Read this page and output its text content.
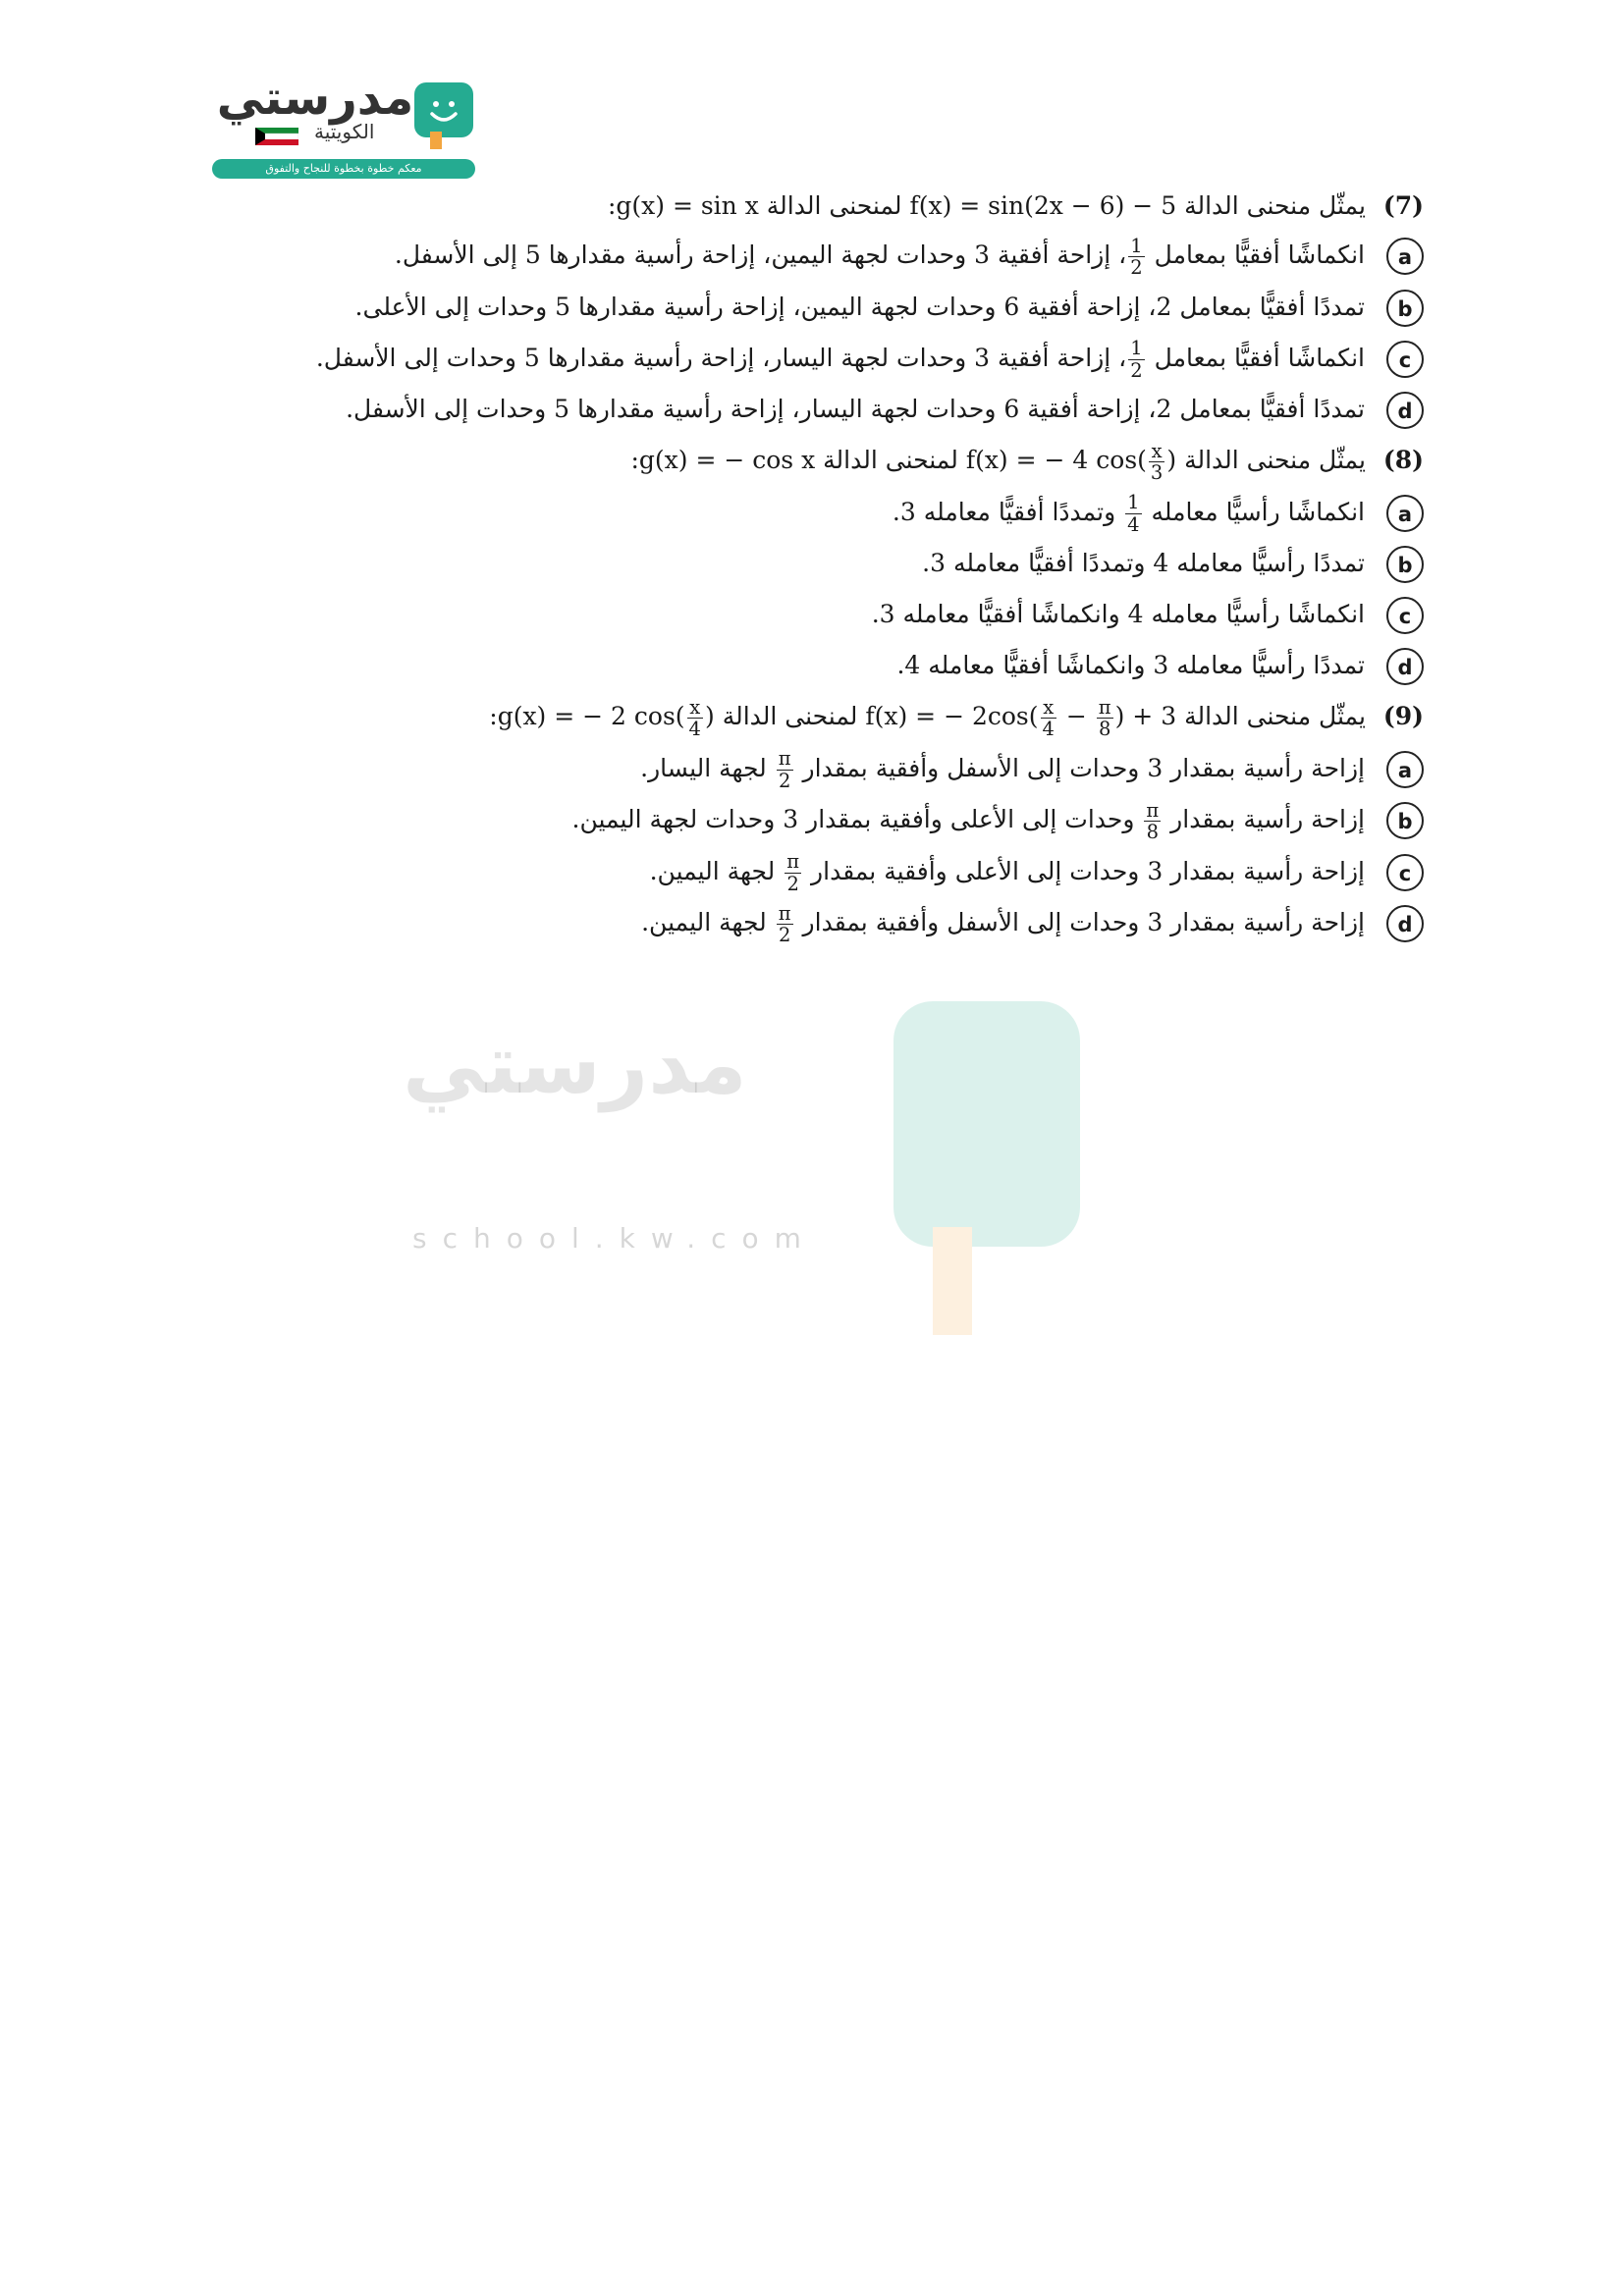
مدرستي
الكويتية
معكم خطوة بخطوة للنجاح والتفوق
مدرستي
school.kw.com

(7) يمثّل منحنى الدالة f(x) = sin(2x − 6) − 5 لمنحنى الدالة g(x) = sin x:

a
انكماشًا أفقيًّا بمعامل
$\frac{1}{2}$
، إزاحة أفقية 3 وحدات لجهة اليمين، إزاحة رأسية مقدارها 5 إلى الأسفل.
b
تمددًا أفقيًّا بمعامل 2، إزاحة أفقية 6 وحدات لجهة اليمين، إزاحة رأسية مقدارها 5 وحدات إلى الأعلى.
c
انكماشًا أفقيًّا بمعامل
$\frac{1}{2}$
، إزاحة أفقية 3 وحدات لجهة اليسار، إزاحة رأسية مقدارها 5 وحدات إلى الأسفل.
d
تمددًا أفقيًّا بمعامل 2، إزاحة أفقية 6 وحدات لجهة اليسار، إزاحة رأسية مقدارها 5 وحدات إلى الأسفل.

(8) يمثّل منحنى الدالة f(x) = − 4 $\cos( \frac{x}{3}$ ) لمنحنى الدالة g(x) = − cos x:

a
انكماشًا رأسيًّا معامله
$\frac{1}{4}$
وتمددًا أفقيًّا معامله 3.
b
تمددًا رأسيًّا معامله 4 وتمددًا أفقيًّا معامله 3.
c
انكماشًا رأسيًّا معامله 4 وانكماشًا أفقيًّا معامله 3.
d
تمددًا رأسيًّا معامله 3 وانكماشًا أفقيًّا معامله 4.

(9) يمثّل منحنى الدالة f(x) = − $2\cos( \frac{x}{4} - \frac{\pi}{8}$ ) + 3 لمنحنى الدالة g(x) = − 2 $\cos( \frac{x}{4}$ ):

a
إزاحة رأسية بمقدار 3 وحدات إلى الأسفل وأفقية بمقدار
$\frac{\pi}{2}$
لجهة اليسار.
b
إزاحة رأسية بمقدار
$\frac{\pi}{8}$
وحدات إلى الأعلى وأفقية بمقدار 3 وحدات لجهة اليمين.
c
إزاحة رأسية بمقدار 3 وحدات إلى الأعلى وأفقية بمقدار
$\frac{\pi}{2}$
لجهة اليمين.
d
إزاحة رأسية بمقدار 3 وحدات إلى الأسفل وأفقية بمقدار
$\frac{\pi}{2}$
لجهة اليمين.
